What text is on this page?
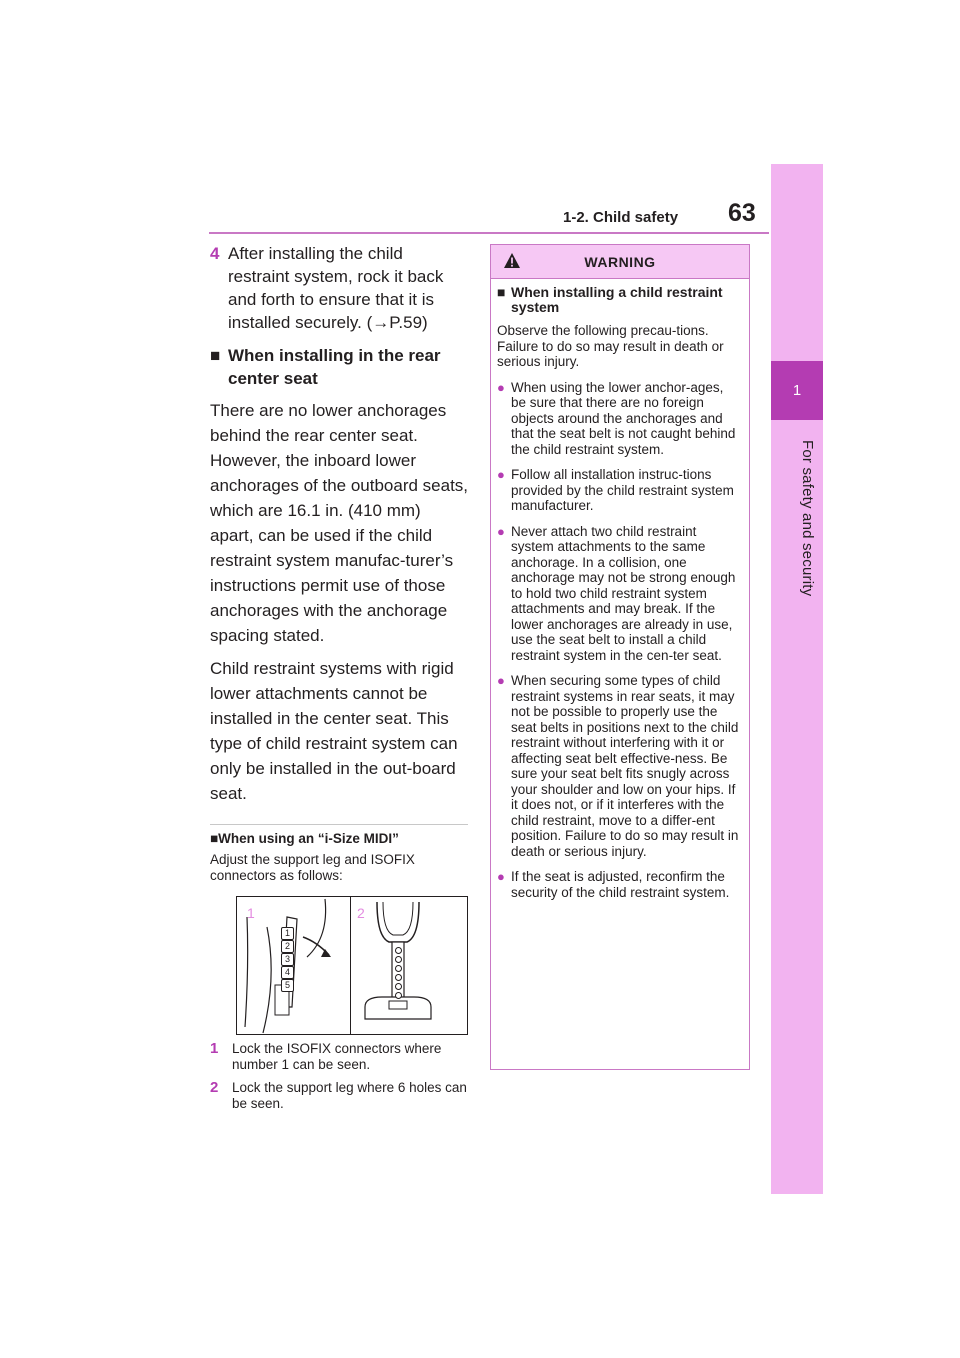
1-2. Child safety 63
1
For safety and security
4 After installing the child restraint system, rock it back and forth to ensure that it is installed securely. (→P.59)
■ When installing in the rear center seat
There are no lower anchorages behind the rear center seat. However, the inboard lower anchorages of the outboard seats, which are 16.1 in. (410 mm) apart, can be used if the child restraint system manufac-turer’s instructions permit use of those anchorages with the anchorage spacing stated.
Child restraint systems with rigid lower attachments cannot be installed in the center seat. This type of child restraint system can only be installed in the out-board seat.
■When using an “i-Size MIDI”
Adjust the support leg and ISOFIX connectors as follows:
1	2
1
2
3
4
5
1 Lock the ISOFIX connectors where number 1 can be seen.
2 Lock the support leg where 6 holes can be seen.
WARNING
■ When installing a child restraint system
Observe the following precau-tions.
Failure to do so may result in death or serious injury.
● When using the lower anchor-ages, be sure that there are no foreign objects around the anchorages and that the seat belt is not caught behind the child restraint system.
● Follow all installation instruc-tions provided by the child restraint system manufacturer.
● Never attach two child restraint system attachments to the same anchorage. In a collision, one anchorage may not be strong enough to hold two child restraint system attachments and may break. If the lower anchorages are already in use, use the seat belt to install a child restraint system in the cen-ter seat.
● When securing some types of child restraint systems in rear seats, it may not be possible to properly use the seat belts in positions next to the child restraint without interfering with it or affecting seat belt effective-ness. Be sure your seat belt fits snugly across your shoulder and low on your hips. If it does not, or if it interferes with the child restraint, move to a differ-ent position. Failure to do so may result in death or serious injury.
● If the seat is adjusted, reconfirm the security of the child restraint system.
